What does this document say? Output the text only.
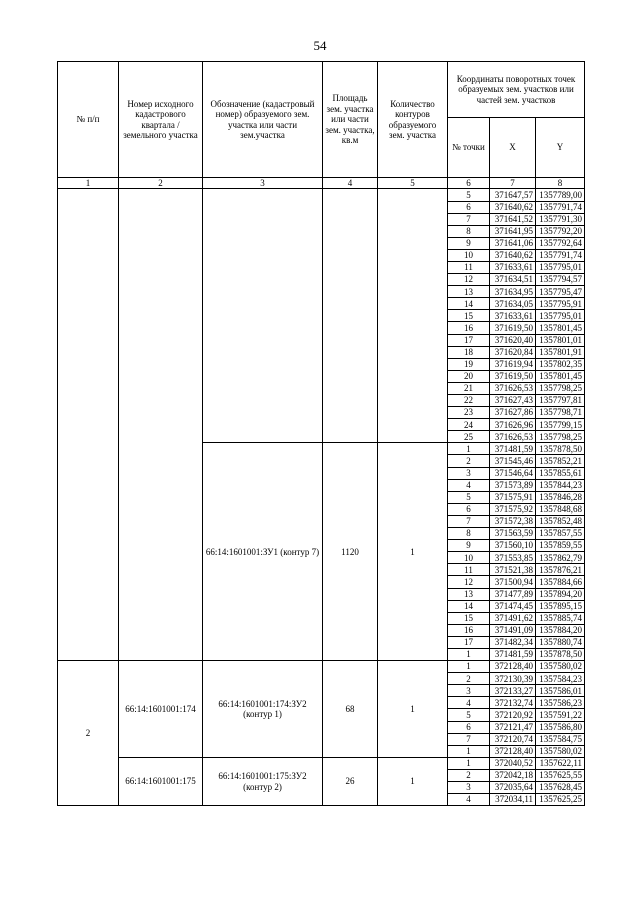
54
№ п/п	Номер исходного кадастрового квартала / земельного участка	Обозначение (кадастровый номер) образуемого зем. участка или части зем.участка	Площадь зем. участка или части зем. участка, кв.м	Количество контуров образуемого зем. участка	Координаты поворотных точек образуемых зем. участков или частей зем. участков		
					№ точки	X	Y
1	2	3	4	5	6	7	8
					5	371647,57	1357789,00
					6	371640,62	1357791,74
					7	371641,52	1357791,30
					8	371641,95	1357792,20
					9	371641,06	1357792,64
					10	371640,62	1357791,74
					11	371633,61	1357795,01
					12	371634,51	1357794,57
					13	371634,95	1357795,47
					14	371634,05	1357795,91
					15	371633,61	1357795,01
					16	371619,50	1357801,45
					17	371620,40	1357801,01
					18	371620,84	1357801,91
					19	371619,94	1357802,35
					20	371619,50	1357801,45
					21	371626,53	1357798,25
					22	371627,43	1357797,81
					23	371627,86	1357798,71
					24	371626,96	1357799,15
					25	371626,53	1357798,25
		66:14:1601001:ЗУ1 (контур 7)	1120	1	1	371481,59	1357878,50
					2	371545,46	1357852,21
					3	371546,64	1357855,61
					4	371573,89	1357844,23
					5	371575,91	1357846,28
					6	371575,92	1357848,68
					7	371572,38	1357852,48
					8	371563,59	1357857,55
					9	371560,10	1357859,55
					10	371553,85	1357862,79
					11	371521,38	1357876,21
					12	371500,94	1357884,66
					13	371477,89	1357894,20
					14	371474,45	1357895,15
					15	371491,62	1357885,74
					16	371491,09	1357884,20
					17	371482,34	1357880,74
					1	371481,59	1357878,50
2	66:14:1601001:174	66:14:1601001:174:ЗУ2 (контур 1)	68	1	1	372128,40	1357580,02
					2	372130,39	1357584,23
					3	372133,27	1357586,01
					4	372132,74	1357586,23
					5	372120,92	1357591,22
					6	372121,47	1357586,80
					7	372120,74	1357584,75
					1	372128,40	1357580,02
	66:14:1601001:175	66:14:1601001:175:ЗУ2 (контур 2)	26	1	1	372040,52	1357622,11
					2	372042,18	1357625,55
					3	372035,64	1357628,45
					4	372034,11	1357625,25
